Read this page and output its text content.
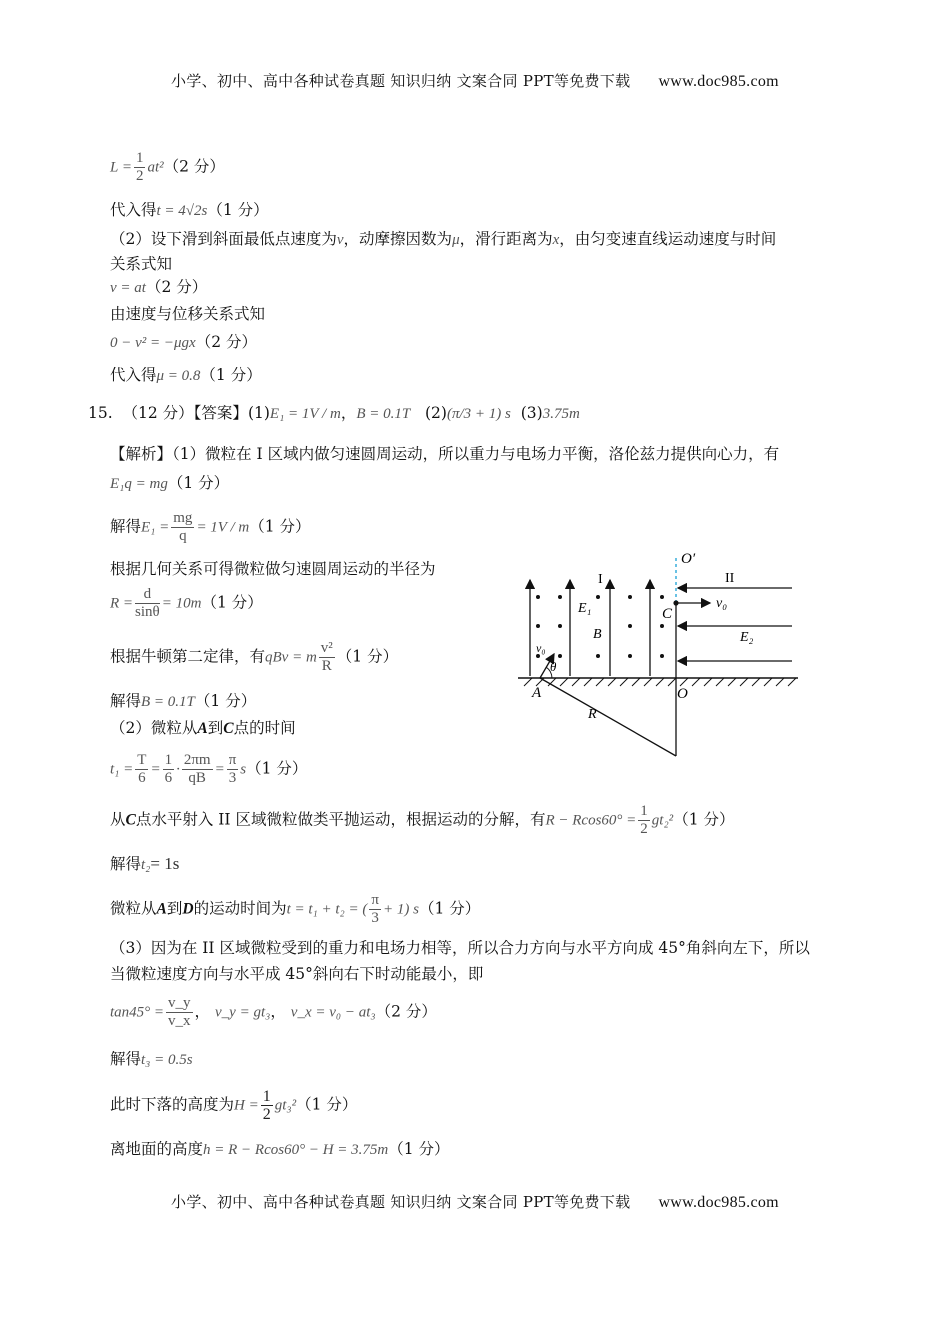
小学、初中、高中各种试卷真题 知识归纳 文案合同 PPT等免费下载 www.doc985.com
$L = \frac{1}{2} at^2(2$ 分）
代入得t = 4√2s（1 分）
（2）设下滑到斜面最低点速度为v，动摩擦因数为μ，滑行距离为x，由匀变速直线运动速度与时间
关系式知
v = at（2 分）
由速度与位移关系式知
0 − v² = −μgx（2 分）
代入得μ = 0.8（1 分）
15. （12 分）【答案】(1)E₁ = 1V / m，B = 0.1T (2)(π/3 + 1) s (3)3.75m
【解析】（1）微粒在 I 区域内做匀速圆周运动，所以重力与电场力平衡，洛伦兹力提供向心力，有
E₁q = mg（1 分）
解得$E_1 = \frac{mg}{q} = 1V / m(1$ 分）
根据几何关系可得微粒做匀速圆周运动的半径为
$R = \frac{d}{\sin\theta} = 10m(1$ 分）
根据牛顿第二定律，有qBv = m $\frac{\text{v²}}{R} (1$ 分）
解得B = 0.1T（1 分）
（2）微粒从A到C点的时间
$t_1 = \frac{T}{6} = \frac{1}{6} \cdot \frac{2\pi m}{qB} = \frac{\pi}{3} s(1$ 分）
从C点水平射入 II 区域微粒做类平抛运动，根据运动的分解，有$R - Rcos60^\circ = \frac{1}{2} gt_2^2(1$ 分）
解得t₂= 1s
微粒从A到D的运动时间为t = t₁ + t₂ = ( $\frac{\pi}{3} + 1$) s（1 分）
（3）因为在 II 区域微粒受到的重力和电场力相等，所以合力方向与水平方向成 45°角斜向左下，所以
当微粒速度方向与水平成 45°斜向右下时动能最小，即
$\tan 45^\circ = \frac{v\_y}{v\_x}$ ， v_y = gt₃， v_x = v₀ − at₃（2 分）
解得t₃ = 0.5s
此时下落的高度为$H = \frac{1}{2} gt_3^2(1$ 分）
离地面的高度h = R − Rcos60° − H = 3.75m（1 分）
O′
I	II
E₁
B
C
v₀
E₂
v₀
θ
A	O
R
小学、初中、高中各种试卷真题 知识归纳 文案合同 PPT等免费下载 www.doc985.com
